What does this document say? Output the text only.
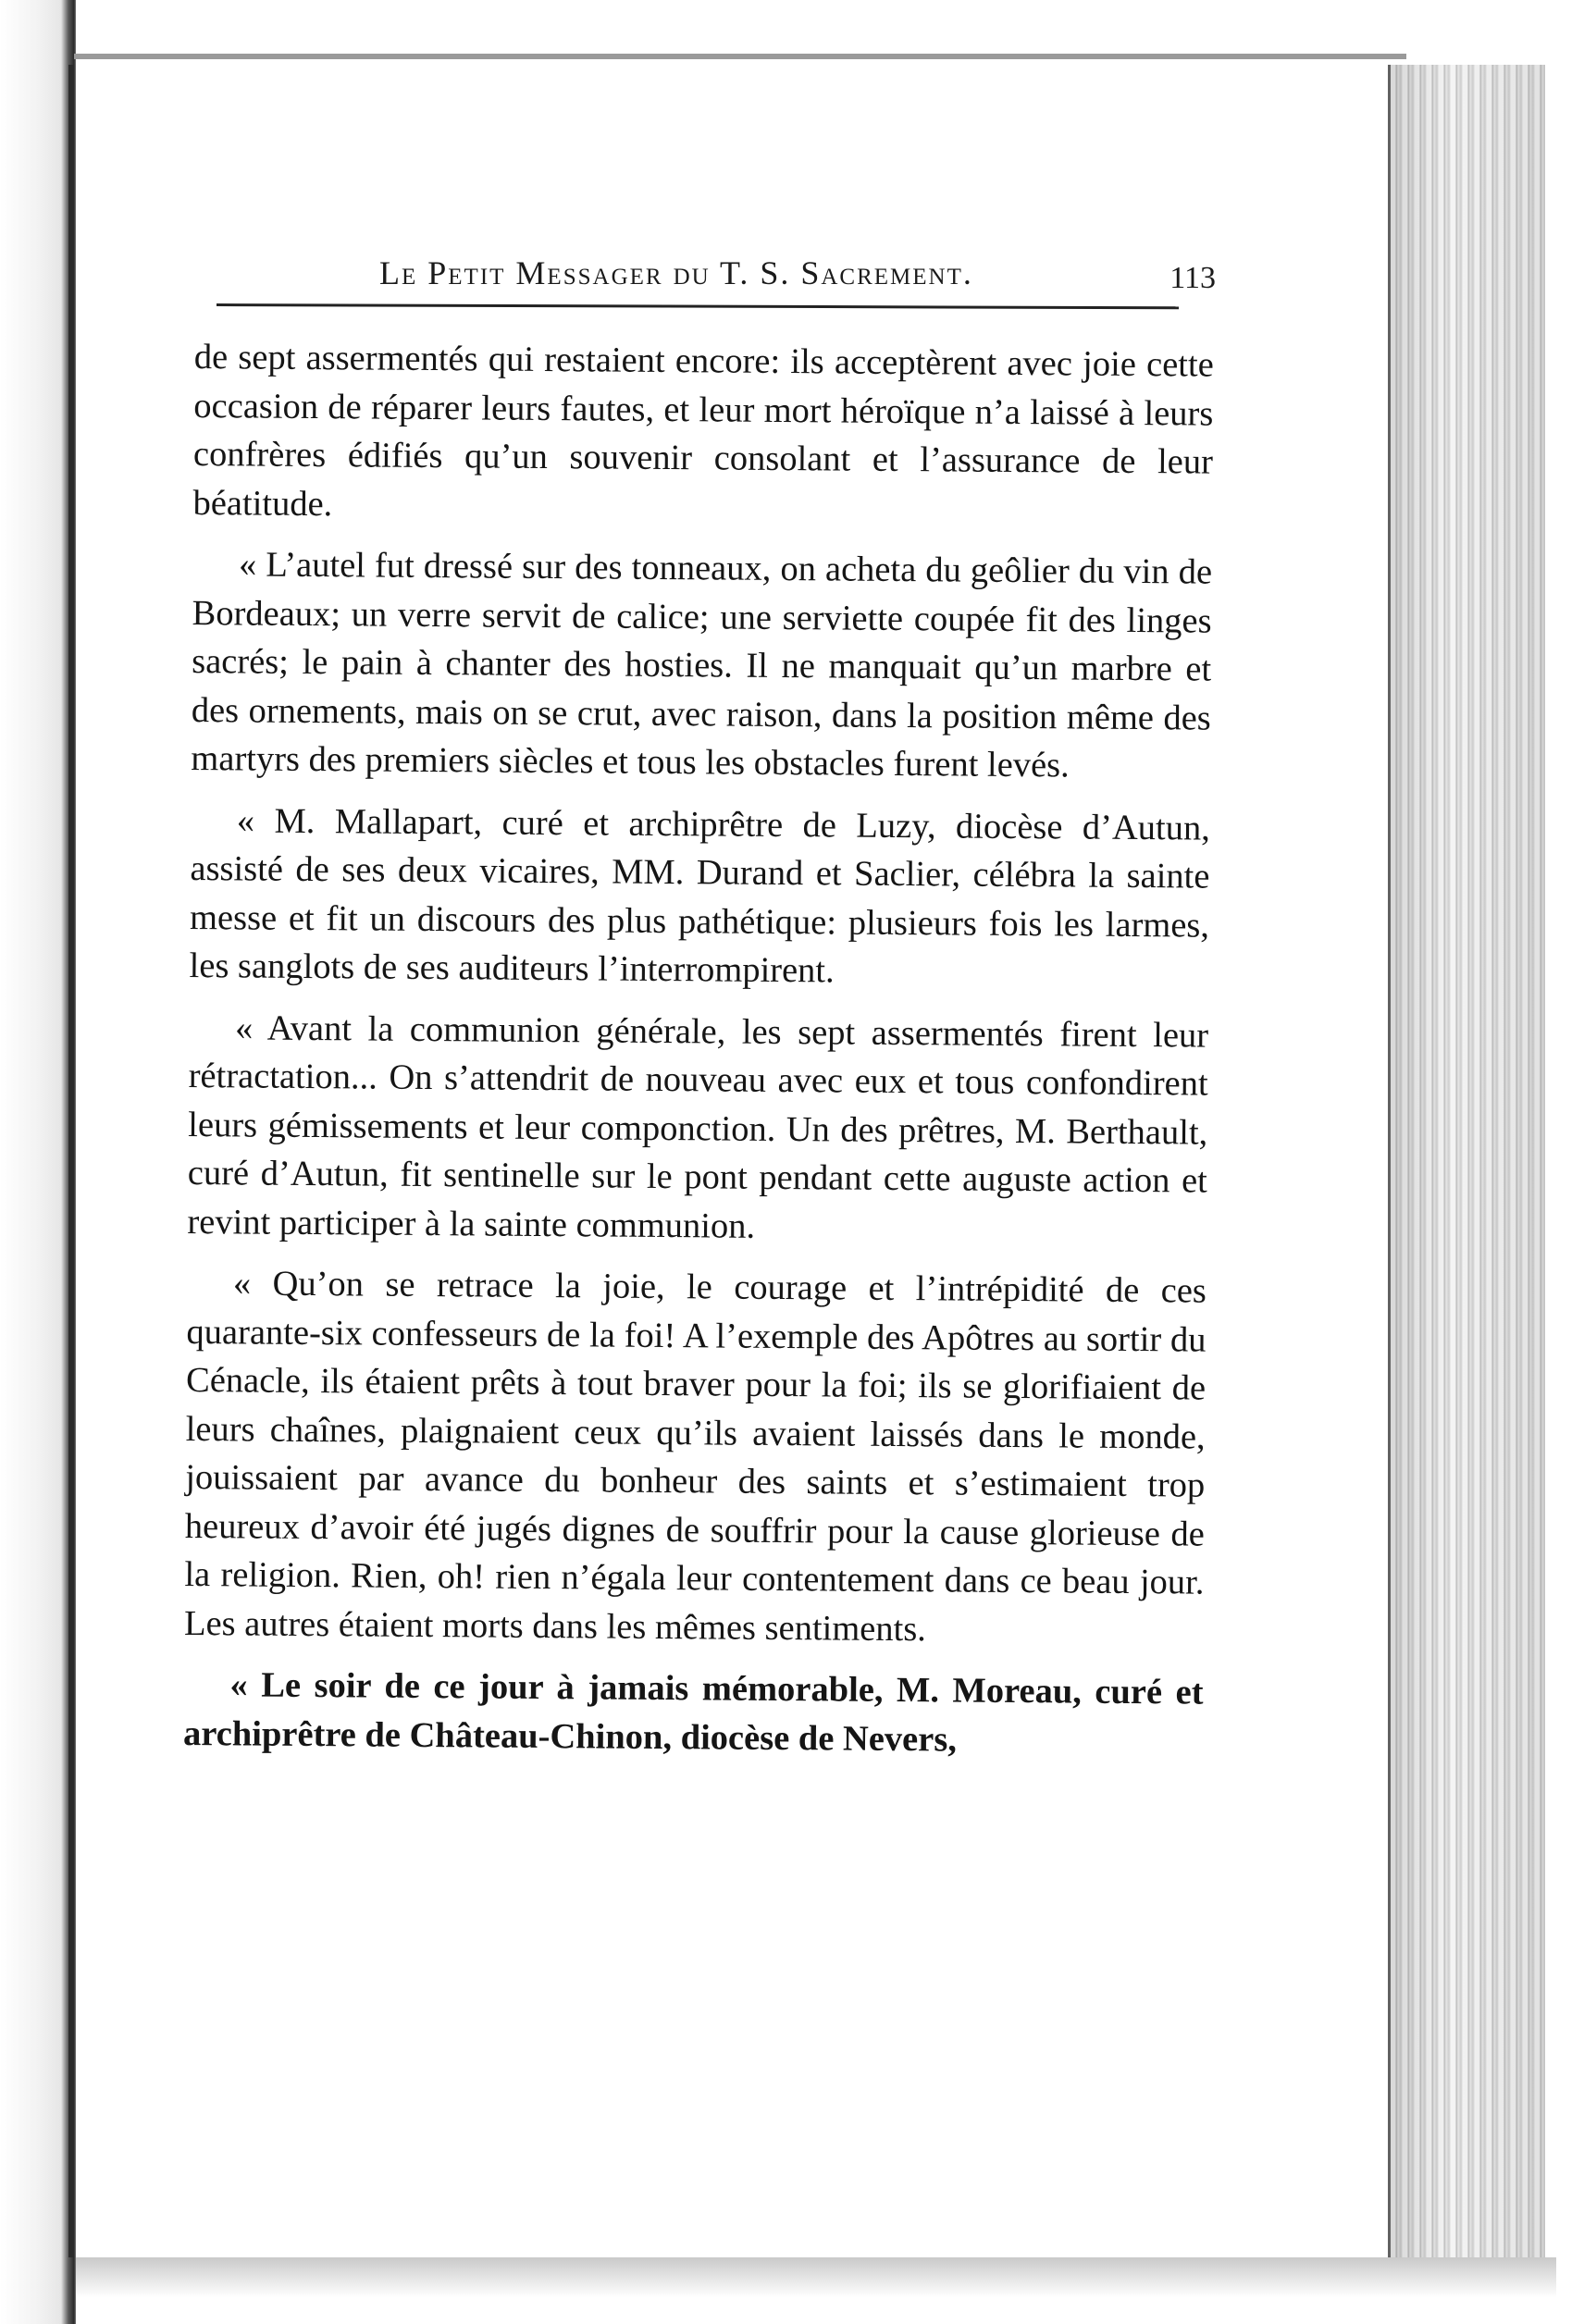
Le Petit Messager du T. S. Sacrement.	113

de sept assermentés qui restaient encore: ils acceptèrent avec joie cette occasion de réparer leurs fautes, et leur mort héroïque n’a laissé à leurs confrères édifiés qu’un souvenir consolant et l’assurance de leur béatitude.

« L’autel fut dressé sur des tonneaux, on acheta du geôlier du vin de Bordeaux; un verre servit de calice; une serviette coupée fit des linges sacrés; le pain à chanter des hosties. Il ne manquait qu’un marbre et des ornements, mais on se crut, avec raison, dans la position même des martyrs des premiers siècles et tous les obstacles furent levés.

« M. Mallapart, curé et archiprêtre de Luzy, diocèse d’Autun, assisté de ses deux vicaires, MM. Durand et Saclier, célébra la sainte messe et fit un discours des plus pathétique: plusieurs fois les larmes, les sanglots de ses auditeurs l’interrompirent.

« Avant la communion générale, les sept assermentés firent leur rétractation... On s’attendrit de nouveau avec eux et tous confondirent leurs gémissements et leur componction. Un des prêtres, M. Berthault, curé d’Autun, fit sentinelle sur le pont pendant cette auguste action et revint participer à la sainte communion.

« Qu’on se retrace la joie, le courage et l’intrépidité de ces quarante-six confesseurs de la foi! A l’exemple des Apôtres au sortir du Cénacle, ils étaient prêts à tout braver pour la foi; ils se glorifiaient de leurs chaînes, plaignaient ceux qu’ils avaient laissés dans le monde, jouissaient par avance du bonheur des saints et s’estimaient trop heureux d’avoir été jugés dignes de souffrir pour la cause glorieuse de la religion. Rien, oh! rien n’égala leur contentement dans ce beau jour. Les autres étaient morts dans les mêmes sentiments.

« Le soir de ce jour à jamais mémorable, M. Moreau, curé et archiprêtre de Château-Chinon, diocèse de Nevers,
